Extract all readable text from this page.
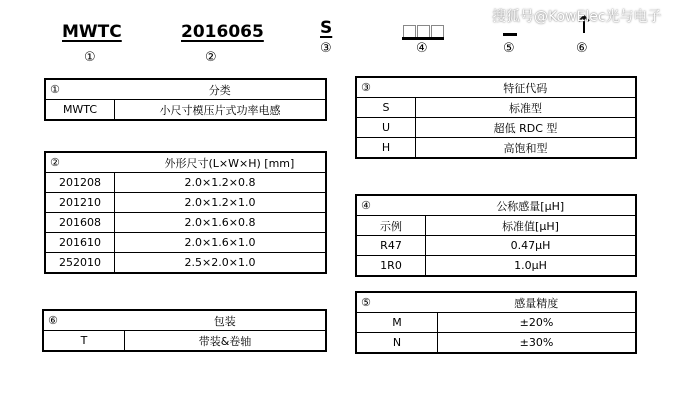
MWTC
①
2016065
②
S
③	④	⑤	⑥
搜狐号@KowElec光与电子
①	分类
MWTC	小尺寸模压片式功率电感
②	外形尺寸(L×W×H) [mm]
201208	2.0×1.2×0.8
201210	2.0×1.2×1.0
201608	2.0×1.6×0.8
201610	2.0×1.6×1.0
252010	2.5×2.0×1.0
⑥	包装
T	带装&卷轴
③	特征代码
S	标准型
U	超低 RDC 型
H	高饱和型
④	公称感量[μH]
示例	标准值[μH]
R47	0.47μH
1R0	1.0μH
⑤	感量精度
M	±20%
N	±30%
